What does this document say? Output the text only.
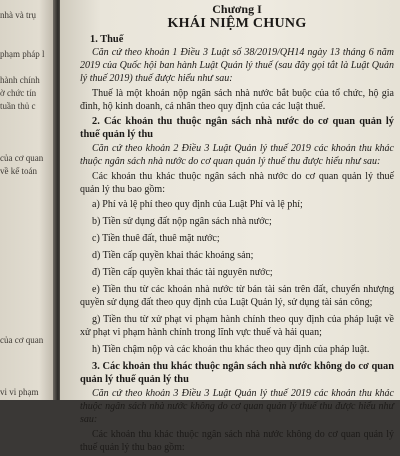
nhà và trụ
phạm pháp l
hành chính
ờ chức tín
tuần thủ c
của cơ quan
về kế toán
của cơ quan
vi vi phạm
Chương I
KHÁI NIỆM CHUNG
1. Thuế

Căn cứ theo khoản 1 Điều 3 Luật số 38/2019/QH14 ngày 13 tháng 6 năm 2019 của Quốc hội ban hành Luật Quản lý thuế (sau đây gọi tắt là Luật Quản lý thuế 2019) thuế được hiểu như sau:

Thuế là một khoản nộp ngân sách nhà nước bắt buộc của tổ chức, hộ gia đình, hộ kinh doanh, cá nhân theo quy định của các luật thuế.

2. Các khoản thu thuộc ngân sách nhà nước do cơ quan quản lý thuế quản lý thu

Căn cứ theo khoản 2 Điều 3 Luật Quản lý thuế 2019 các khoản thu khác thuộc ngân sách nhà nước do cơ quan quản lý thuế thu được hiểu như sau:

Các khoản thu khác thuộc ngân sách nhà nước do cơ quan quản lý thuế quản lý thu bao gồm:

a) Phí và lệ phí theo quy định của Luật Phí và lệ phí;

b) Tiền sử dụng đất nộp ngân sách nhà nước;

c) Tiền thuê đất, thuê mặt nước;

d) Tiền cấp quyền khai thác khoáng sản;

đ) Tiền cấp quyền khai thác tài nguyên nước;

e) Tiền thu từ các khoản nhà nước từ bán tài sản trên đất, chuyển nhượng quyền sử dụng đất theo quy định của Luật Quản lý, sử dụng tài sản công;

g) Tiền thu từ xử phạt vi phạm hành chính theo quy định của pháp luật về xử phạt vi phạm hành chính trong lĩnh vực thuế và hải quan;

h) Tiền chậm nộp và các khoản thu khác theo quy định của pháp luật.

3. Các khoản thu khác thuộc ngân sách nhà nước không do cơ quan quản lý thuế quản lý thu

Căn cứ theo khoản 3 Điều 3 Luật Quản lý thuế 2019 các khoản thu khác thuộc ngân sách nhà nước không do cơ quan quản lý thuế thu được hiểu như sau:

Các khoản thu khác thuộc ngân sách nhà nước không do cơ quan quản lý thuế quản lý thu bao gồm:
